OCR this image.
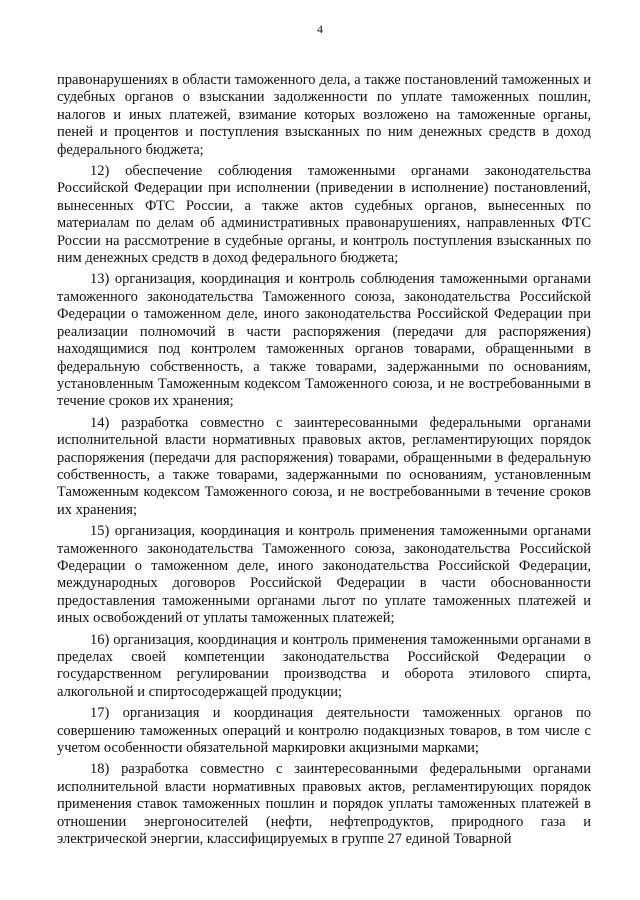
4

правонарушениях в области таможенного дела, а также постановлений таможенных и судебных органов о взыскании задолженности по уплате таможенных пошлин, налогов и иных платежей, взимание которых возложено на таможенные органы, пеней и процентов и поступления взысканных по ним денежных средств в доход федерального бюджета;

12) обеспечение соблюдения таможенными органами законодательства Российской Федерации при исполнении (приведении в исполнение) постановлений, вынесенных ФТС России, а также актов судебных органов, вынесенных по материалам по делам об административных правонарушениях, направленных ФТС России на рассмотрение в судебные органы, и контроль поступления взысканных по ним денежных средств в доход федерального бюджета;

13) организация, координация и контроль соблюдения таможенными органами таможенного законодательства Таможенного союза, законодательства Российской Федерации о таможенном деле, иного законодательства Российской Федерации при реализации полномочий в части распоряжения (передачи для распоряжения) находящимися под контролем таможенных органов товарами, обращенными в федеральную собственность, а также товарами, задержанными по основаниям, установленным Таможенным кодексом Таможенного союза, и не востребованными в течение сроков их хранения;

14) разработка совместно с заинтересованными федеральными органами исполнительной власти нормативных правовых актов, регламентирующих порядок распоряжения (передачи для распоряжения) товарами, обращенными в федеральную собственность, а также товарами, задержанными по основаниям, установленным Таможенным кодексом Таможенного союза, и не востребованными в течение сроков их хранения;

15) организация, координация и контроль применения таможенными органами таможенного законодательства Таможенного союза, законодательства Российской Федерации о таможенном деле, иного законодательства Российской Федерации, международных договоров Российской Федерации в части обоснованности предоставления таможенными органами льгот по уплате таможенных платежей и иных освобождений от уплаты таможенных платежей;

16) организация, координация и контроль применения таможенными органами в пределах своей компетенции законодательства Российской Федерации о государственном регулировании производства и оборота этилового спирта, алкогольной и спиртосодержащей продукции;

17) организация и координация деятельности таможенных органов по совершению таможенных операций и контролю подакцизных товаров, в том числе с учетом особенности обязательной маркировки акцизными марками;

18) разработка совместно с заинтересованными федеральными органами исполнительной власти нормативных правовых актов, регламентирующих порядок применения ставок таможенных пошлин и порядок уплаты таможенных платежей в отношении энергоносителей (нефти, нефтепродуктов, природного газа и электрической энергии, классифицируемых в группе 27 единой Товарной
